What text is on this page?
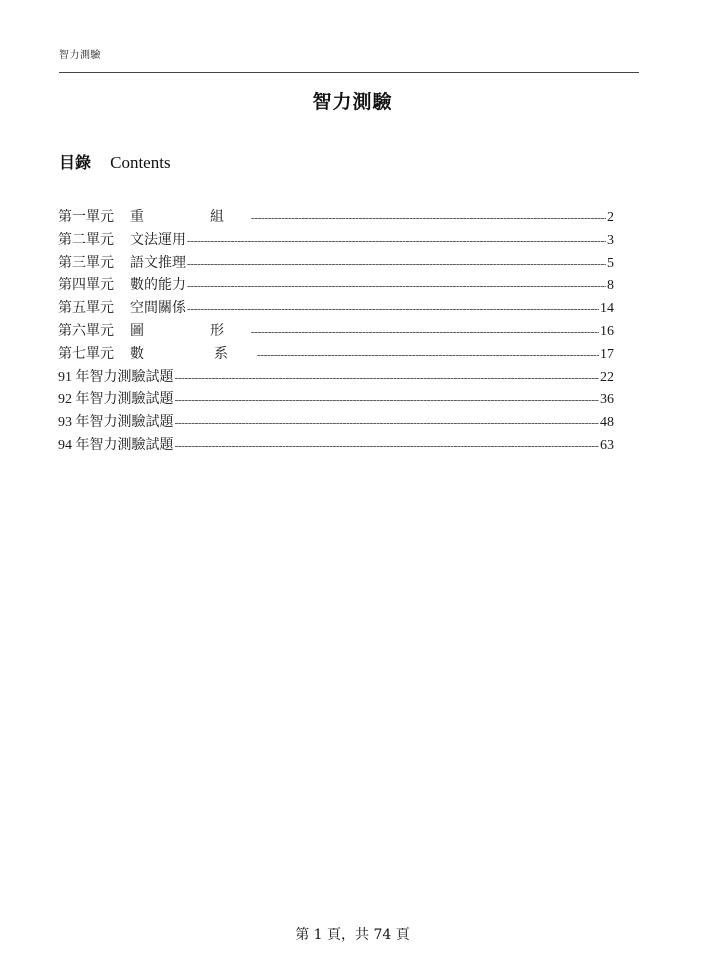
智力測驗
智力測驗
目錄 Contents
第一單元	重　組 -----	2
第二單元	文法運用 -----	3
第三單元	語文推理 -----	5
第四單元	數的能力 -----	8
第五單元	空間關係 -----	14
第六單元	圖　形 -----	16
第七單元	數　系 -----	17
91 年智力測驗試題 -----	22
92 年智力測驗試題 -----	36
93 年智力測驗試題 -----	48
94 年智力測驗試題 -----	63
第 1 頁，共 74 頁
